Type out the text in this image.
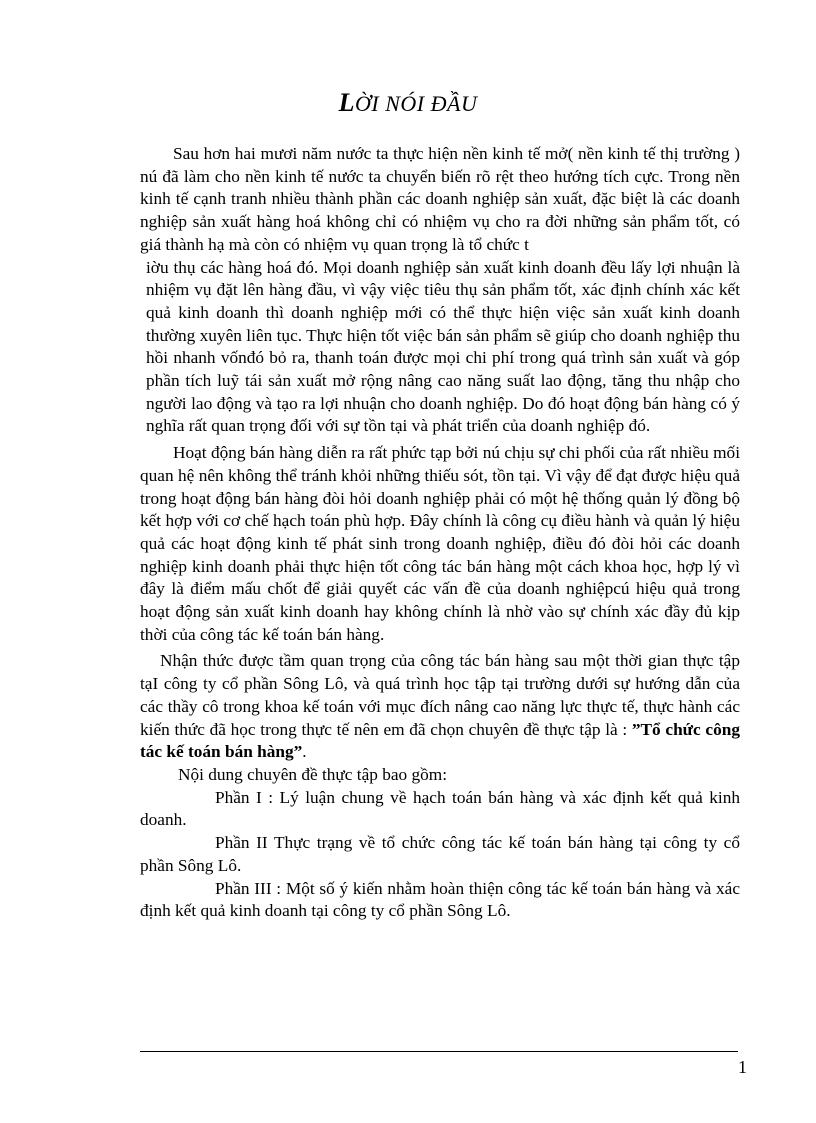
LỜI NÓI ĐẦU

Sau hơn hai mươi năm nước ta thực hiện nền kinh tế mở( nền kinh tế thị trường ) nú đã làm cho nền kinh tế nước ta chuyển biến rõ rệt theo hướng tích cực. Trong nền kinh tế cạnh tranh nhiều thành phần các doanh nghiệp sản xuất, đặc biệt là các doanh nghiệp sản xuất hàng hoá không chỉ có nhiệm vụ cho ra đời những sản phẩm tốt, có giá thành hạ mà còn có nhiệm vụ quan trọng là tổ chức t

iờu thụ các hàng hoá đó. Mọi doanh nghiệp sản xuất kinh doanh đều lấy lợi nhuận là nhiệm vụ đặt lên hàng đầu, vì vậy việc tiêu thụ sản phẩm tốt, xác định chính xác kết quả kinh doanh thì doanh nghiệp mới có thể thực hiện việc sản xuất kinh doanh thường xuyên liên tục. Thực hiện tốt việc bán sản phẩm sẽ giúp cho doanh nghiệp thu hồi nhanh vốnđó bỏ ra, thanh toán được mọi chi phí trong quá trình sản xuất và góp phần tích luỹ tái sản xuất mở rộng nâng cao năng suất lao động, tăng thu nhập cho người lao động và tạo ra lợi nhuận cho doanh nghiệp. Do đó hoạt động bán hàng có ý nghĩa rất quan trọng đối với sự tồn tại và phát triển của doanh nghiệp đó.

Hoạt động bán hàng diễn ra rất phức tạp bởi nú chịu sự chi phối của rất nhiều mối quan hệ nên không thể tránh khỏi những thiếu sót, tồn tại. Vì vậy để đạt được hiệu quả trong hoạt động bán hàng đòi hỏi doanh nghiệp phải có một hệ thống quản lý đồng bộ kết hợp với cơ chế hạch toán phù hợp. Đây chính là công cụ điều hành và quản lý hiệu quả các hoạt động kinh tế phát sinh trong doanh nghiệp, điều đó đòi hỏi các doanh nghiệp kinh doanh phải thực hiện tốt công tác bán hàng một cách khoa học, hợp lý vì đây là điểm mấu chốt để giải quyết các vấn đề của doanh nghiệpcú hiệu quả trong hoạt động sản xuất kinh doanh hay không chính là nhờ vào sự chính xác đầy đủ kịp thời của công tác kế toán bán hàng.

Nhận thức được tầm quan trọng của công tác bán hàng sau một thời gian thực tập tạI công ty cổ phần Sông Lô, và quá trình học tập tại trường dưới sự hướng dẫn của các thầy cô trong khoa kế toán với mục đích nâng cao năng lực thực tế, thực hành các kiến thức đã học trong thực tế nên em đã chọn chuyên đề thực tập là : ”Tổ chức công tác kế toán bán hàng”.

Nội dung chuyên đề thực tập bao gồm:

Phần I : Lý luận chung về hạch toán bán hàng và xác định kết quả kinh doanh.

Phần II Thực trạng về tổ chức công tác kế toán bán hàng tại công ty cổ phần Sông Lô.

Phần III : Một số ý kiến nhằm hoàn thiện công tác kế toán bán hàng và xác định kết quả kinh doanh tại công ty cổ phần Sông Lô.

1
